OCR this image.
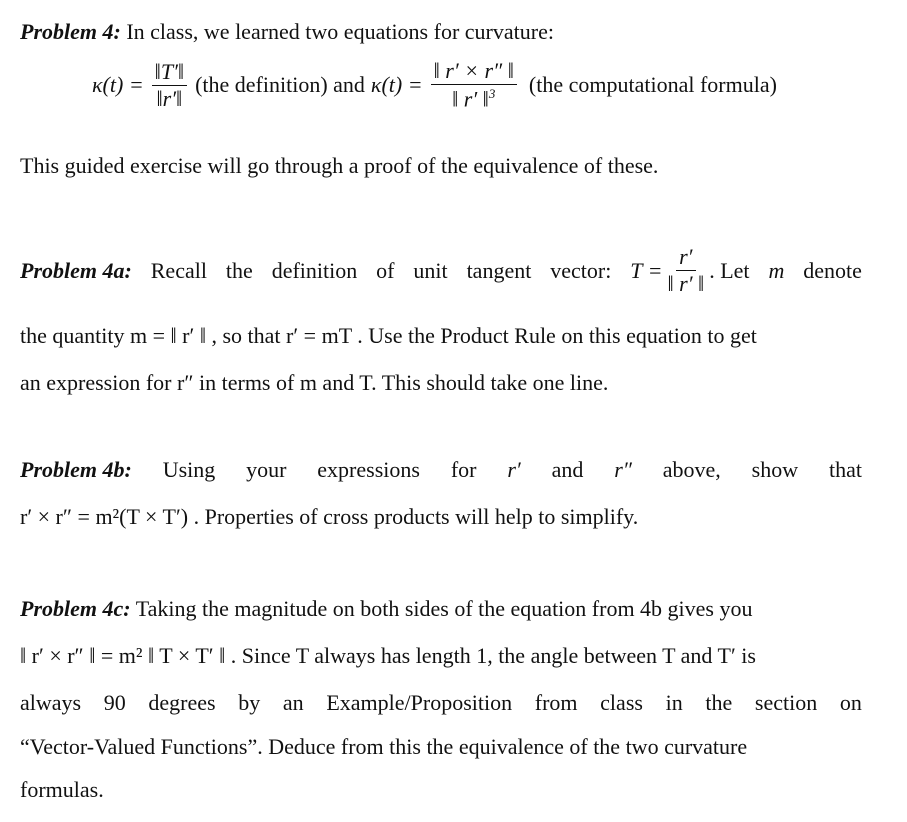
Problem 4: In class, we learned two equations for curvature:
$\kappa(t) = \frac{‖T'‖}{‖r'‖} (the$ definition) and $\kappa(t) = \frac{‖ r' \times r'' ‖}{‖ r' ‖^3} (the$ computational formula)
This guided exercise will go through a proof of the equivalence of these.
Problem 4a: Recall the definition of unit tangent vector: $T = \frac{r'}{‖ r' ‖}$ . Let m denote
the quantity m = ‖ r′ ‖ , so that r′ = mT . Use the Product Rule on this equation to get
an expression for r″ in terms of m and T. This should take one line.
Problem 4b: Using your expressions for r′ and r″ above, show that
r′ × r″ = m²(T × T′) . Properties of cross products will help to simplify.
Problem 4c: Taking the magnitude on both sides of the equation from 4b gives you
‖ r′ × r″ ‖ = m² ‖ T × T′ ‖ . Since T always has length 1, the angle between T and T′ is
always 90 degrees by an Example/Proposition from class in the section on
“Vector-Valued Functions”. Deduce from this the equivalence of the two curvature
formulas.
